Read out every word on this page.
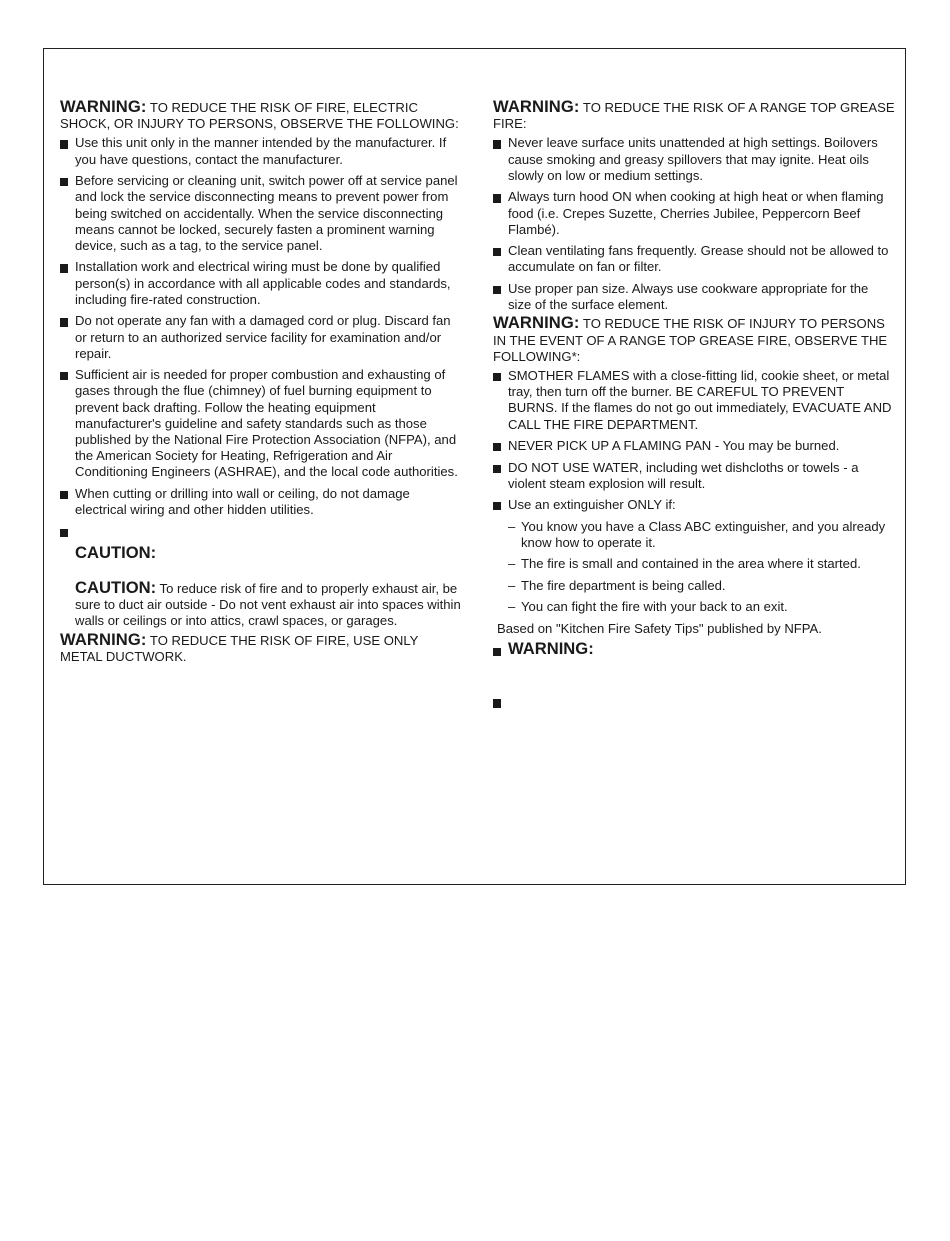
WARNING: TO REDUCE THE RISK OF FIRE, ELECTRIC SHOCK, OR INJURY TO PERSONS, OBSERVE THE FOLLOWING:

Use this unit only in the manner intended by the manufacturer. If you have questions, contact the manufacturer.

Before servicing or cleaning unit, switch power off at service panel and lock the service disconnecting means to prevent power from being switched on accidentally. When the service disconnecting means cannot be locked, securely fasten a prominent warning device, such as a tag, to the service panel.

Installation work and electrical wiring must be done by qualified person(s) in accordance with all applicable codes and standards, including fire-rated construction.

Do not operate any fan with a damaged cord or plug. Discard fan or return to an authorized service facility for examination and/or repair.

Sufficient air is needed for proper combustion and exhausting of gases through the flue (chimney) of fuel burning equipment to prevent back drafting. Follow the heating equipment manufacturer's guideline and safety standards such as those published by the National Fire Protection Association (NFPA), and the American Society for Heating, Refrigeration and Air Conditioning Engineers (ASHRAE), and the local code authorities.

When cutting or drilling into wall or ceiling, do not damage electrical wiring and other hidden utilities.

CAUTION:

CAUTION: To reduce risk of fire and to properly exhaust air, be sure to duct air outside - Do not vent exhaust air into spaces within walls or ceilings or into attics, crawl spaces, or garages.

WARNING: TO REDUCE THE RISK OF FIRE, USE ONLY METAL DUCTWORK.

WARNING: TO REDUCE THE RISK OF A RANGE TOP GREASE FIRE:

Never leave surface units unattended at high settings. Boilovers cause smoking and greasy spillovers that may ignite. Heat oils slowly on low or medium settings.

Always turn hood ON when cooking at high heat or when flaming food (i.e. Crepes Suzette, Cherries Jubilee, Peppercorn Beef Flambé).

Clean ventilating fans frequently. Grease should not be allowed to accumulate on fan or filter.

Use proper pan size. Always use cookware appropriate for the size of the surface element.

WARNING: TO REDUCE THE RISK OF INJURY TO PERSONS IN THE EVENT OF A RANGE TOP GREASE FIRE, OBSERVE THE FOLLOWING*:

SMOTHER FLAMES with a close-fitting lid, cookie sheet, or metal tray, then turn off the burner. BE CAREFUL TO PREVENT BURNS. If the flames do not go out immediately, EVACUATE AND CALL THE FIRE DEPARTMENT.

NEVER PICK UP A FLAMING PAN - You may be burned.

DO NOT USE WATER, including wet dishcloths or towels - a violent steam explosion will result.

Use an extinguisher ONLY if:

– You know you have a Class ABC extinguisher, and you already know how to operate it.

– The fire is small and contained in the area where it started.

– The fire department is being called.

– You can fight the fire with your back to an exit.

Based on "Kitchen Fire Safety Tips" published by NFPA.

WARNING:
